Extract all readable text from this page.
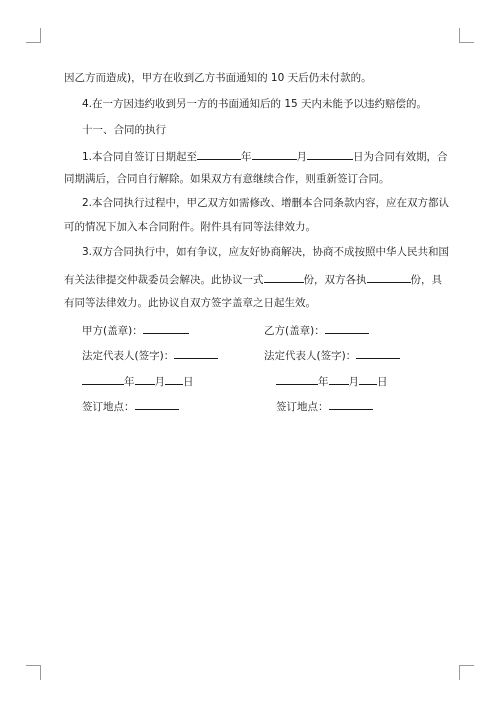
因乙方而造成)，甲方在收到乙方书面通知的 10 天后仍未付款的。
4.在一方因违约收到另一方的书面通知后的 15 天内未能予以违约赔偿的。
十一、合同的执行
1.本合同自签订日期起至	年	月	日为合同有效期，合
同期满后，合同自行解除。如果双方有意继续合作，则重新签订合同。
2.本合同执行过程中，甲乙双方如需修改、增删本合同条款内容，应在双方都认
可的情况下加入本合同附件。附件具有同等法律效力。
3.双方合同执行中，如有争议，应友好协商解决，协商不成按照中华人民共和国
有关法律提交仲裁委员会解决。此协议一式	份，双方各执	份，具
有同等法律效力。此协议自双方签字盖章之日起生效。
甲方(盖章)：	乙方(盖章)：
法定代表人(签字)：	法定代表人(签字)：
年 月 日	年 月 日
签订地点：	签订地点：
